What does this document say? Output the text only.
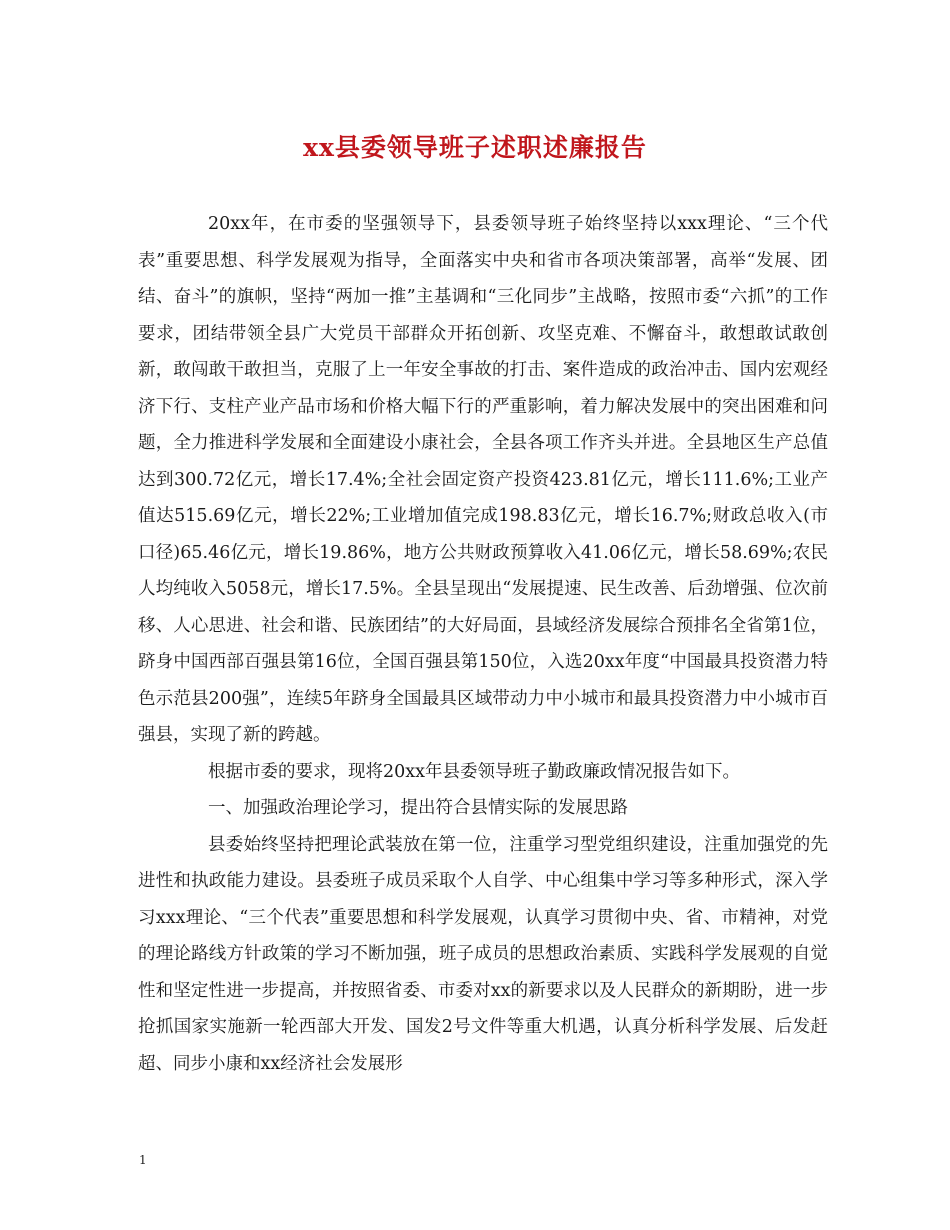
xx县委领导班子述职述廉报告

20xx年，在市委的坚强领导下，县委领导班子始终坚持以xxx理论、“三个代表”重要思想、科学发展观为指导，全面落实中央和省市各项决策部署，高举“发展、团结、奋斗”的旗帜，坚持“两加一推”主基调和“三化同步”主战略，按照市委“六抓”的工作要求，团结带领全县广大党员干部群众开拓创新、攻坚克难、不懈奋斗，敢想敢试敢创新，敢闯敢干敢担当，克服了上一年安全事故的打击、案件造成的政治冲击、国内宏观经济下行、支柱产业产品市场和价格大幅下行的严重影响，着力解决发展中的突出困难和问题，全力推进科学发展和全面建设小康社会，全县各项工作齐头并进。全县地区生产总值达到300.72亿元，增长17.4%;全社会固定资产投资423.81亿元，增长111.6%;工业产值达515.69亿元，增长22%;工业增加值完成198.83亿元，增长16.7%;财政总收入(市口径)65.46亿元，增长19.86%，地方公共财政预算收入41.06亿元，增长58.69%;农民人均纯收入5058元，增长17.5%。全县呈现出“发展提速、民生改善、后劲增强、位次前移、人心思进、社会和谐、民族团结”的大好局面，县域经济发展综合预排名全省第1位，跻身中国西部百强县第16位，全国百强县第150位，入选20xx年度“中国最具投资潜力特色示范县200强”，连续5年跻身全国最具区域带动力中小城市和最具投资潜力中小城市百强县，实现了新的跨越。

根据市委的要求，现将20xx年县委领导班子勤政廉政情况报告如下。

一、加强政治理论学习，提出符合县情实际的发展思路

县委始终坚持把理论武装放在第一位，注重学习型党组织建设，注重加强党的先进性和执政能力建设。县委班子成员采取个人自学、中心组集中学习等多种形式，深入学习xxx理论、“三个代表”重要思想和科学发展观，认真学习贯彻中央、省、市精神，对党的理论路线方针政策的学习不断加强，班子成员的思想政治素质、实践科学发展观的自觉性和坚定性进一步提高，并按照省委、市委对xx的新要求以及人民群众的新期盼，进一步抢抓国家实施新一轮西部大开发、国发2号文件等重大机遇，认真分析科学发展、后发赶超、同步小康和xx经济社会发展形

1
